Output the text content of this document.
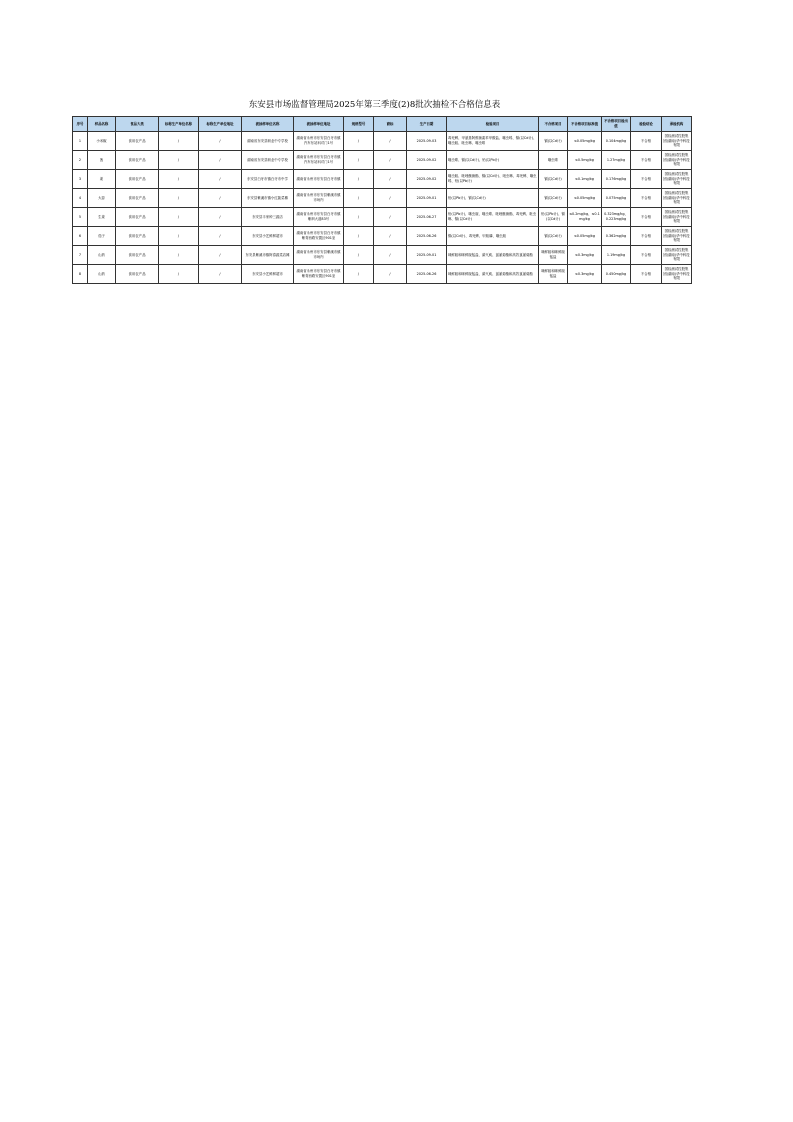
东安县市场监督管理局2025年第三季度(2)8批次抽检不合格信息表
序号	样品名称	食品大类	标称生产单位名称	标称生产单位地址	被抽样单位名称	被抽样单位地址	规格型号	商标	生产日期	检验项目	不合格项目	不合格项目标准值	不合格项目检出值	检验结论	承检机构
1	小米椒	食用农产品	/	/	湖南省东安县职业中专学校	湖南省永州市东安县白牙市镇汽车东站斜对门1号	/	/	2025-09-03	毒死蜱、甲氨基阿维菌素苯甲酸盐、噻虫嗪、镉(以Cd计)、噻虫胺、吡虫啉、噻虫嗪	镉(以Cd计)	≤0.05mg/kg	0.104mg/kg	不合格	国检测试控股集团(湖南)华中科技有限
2	葱	食用农产品	/	/	湖南省东安县职业中专学校	湖南省永州市东安县白牙市镇汽车东站斜对门1号	/	/	2025-09-02	噻虫嗪、镉(以Cd计)、铅(以Pb计)	噻虫嗪	≤0.5mg/kg	1.27mg/kg	不合格	国检测试控股集团(湖南)华中科技有限
3	姜	食用农产品	/	/	东安县白牙市镇白牙市中学	湖南省永州市东安县白牙市镇	/	/	2025-09-02	噻虫胺、吡唑醚菌酯、镉(以Cd计)、吡虫啉、毒死蜱、噻虫嗪、铅(以Pb计)	镉(以Cd计)	≤0.1mg/kg	0.176mg/kg	不合格	国检测试控股集团(湖南)华中科技有限
4	大蒜	食用农产品	/	/	东安县紫溪市镇小红蔬菜摊	湖南省永州市东安县紫溪市镇市场内	/	/	2025-09-01	铅(以Pb计)、镉(以Cd计)	镉(以Cd计)	≤0.05mg/kg	0.075mg/kg	不合格	国检测试控股集团(湖南)华中科技有限
5	生姜	食用农产品	/	/	东安县丰家种三蔬店	湖南省永州市东安县白牙市镇紫荆大道83号	/	/	2025-06-27	铅(以Pb计)、噻虫胺、噻虫嗪、吡唑醚菌酯、毒死蜱、吡虫啉、镉(以Cd计)	铅(以Pb计)、镉(以Cd计)	≤0.2mg/kg、≤0.1mg/kg	0.323mg/kg、0.223mg/kg	不合格	国检测试控股集团(湖南)华中科技有限
6	茄子	食用农产品	/	/	东安县小艺鲜鲜超市	湖南省永州市东安县白牙市镇紫青西路安置区901室	/	/	2025-06-26	镉(以Cd计)、毒死蜱、甲胺磷、噻虫胺	镉(以Cd计)	≤0.05mg/kg	0.362mg/kg	不合格	国检测试控股集团(湖南)华中科技有限
7	山药	食用农产品	/	/	东安县紫溪市镇阿春蔬菜店摊	湖南省永州市东安县紫溪市镇市场内	/	/	2025-09-01	咪鲜胺和咪鲜胺锰盐、涕灭威、氯氰菊酯和高效氯氰菊酯	咪鲜胺和咪鲜胺锰盐	≤0.3mg/kg	1.19mg/kg	不合格	国检测试控股集团(湖南)华中科技有限
8	山药	食用农产品	/	/	东安县小艺鲜鲜超市	湖南省永州市东安县白牙市镇紫青西路安置区901室	/	/	2025-06-26	咪鲜胺和咪鲜胺锰盐、涕灭威、氯氰菊酯和高效氯氰菊酯	咪鲜胺和咪鲜胺锰盐	≤0.3mg/kg	0.450mg/kg	不合格	国检测试控股集团(湖南)华中科技有限
